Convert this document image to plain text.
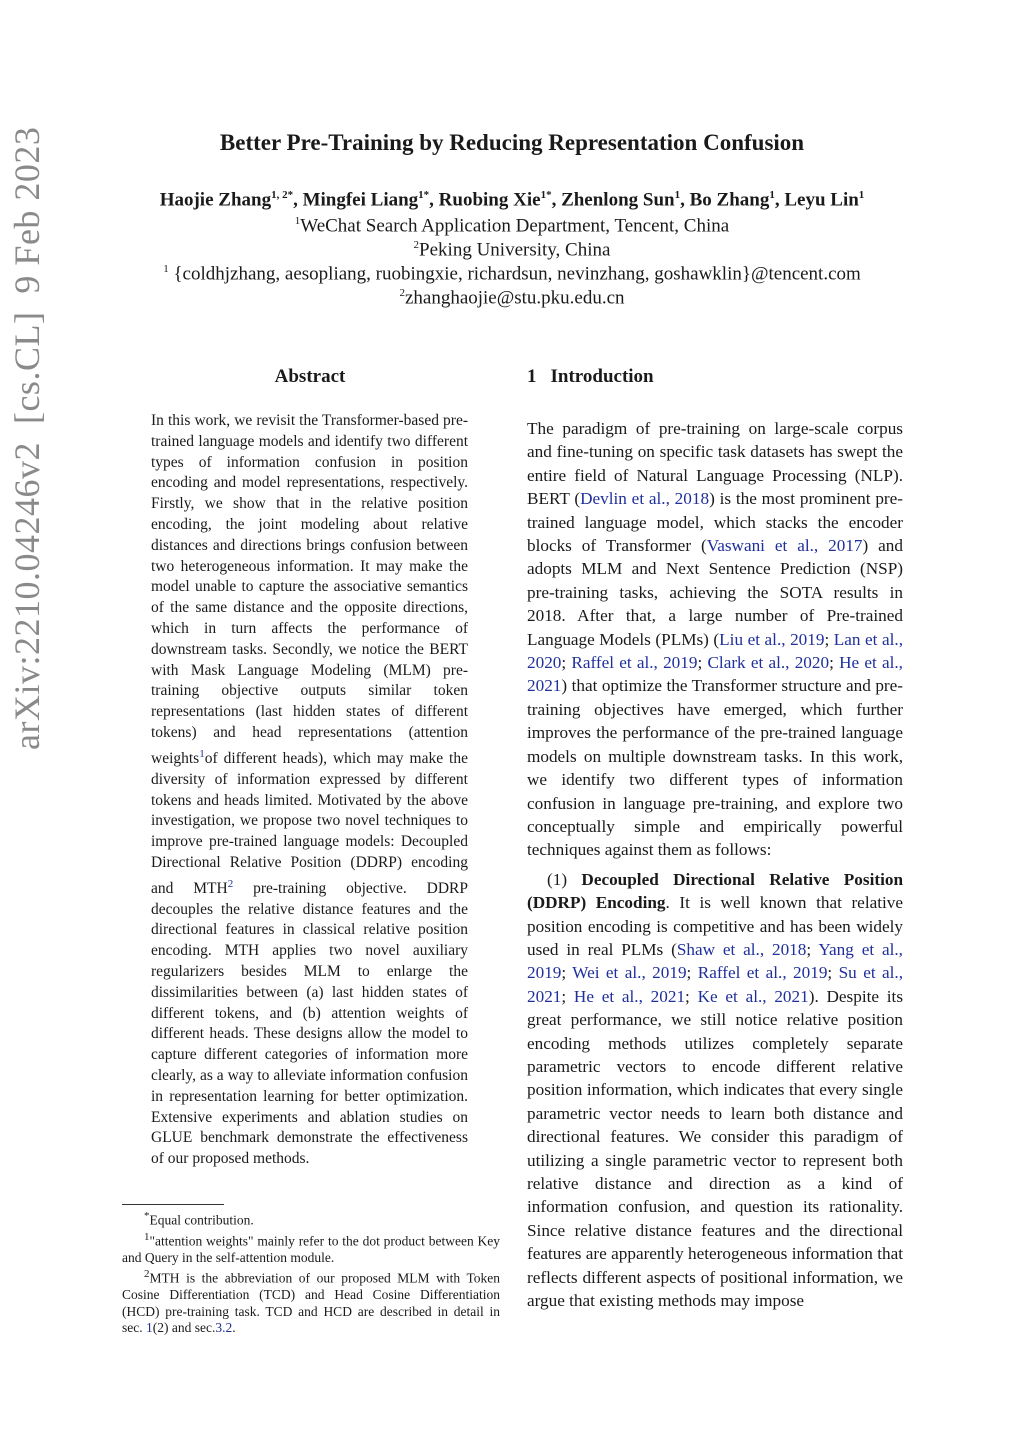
arXiv:2210.04246v2[cs.CL]9 Feb 2023	Better Pre-Training by Reducing Representation Confusion
Haojie Zhang$^{1, 2*}$, Mingfei Liang$^{1*}$, Ruobing Xie$^{1*}$, Zhenlong Sun$^1$, Bo Zhang$^1$, Leyu Lin$^1$
$^1$WeChat Search Application Department, Tencent, China
$^2$Peking University, China
$^1$ {coldhjzhang, aesopliang, ruobingxie, richardsun, nevinzhang, goshawklin}@tencent.com
$^2$zhanghaojie@stu.pku.edu.cn
Abstract
In this work, we revisit the Transformer-based pre-trained language models and identify two different types of information confusion in position encoding and model representations, respectively. Firstly, we show that in the relative position encoding, the joint modeling about relative distances and directions brings confusion between two heterogeneous information. It may make the model unable to capture the associative semantics of the same distance and the opposite directions, which in turn affects the performance of downstream tasks. Secondly, we notice the BERT with Mask Language Modeling (MLM) pre-training objective outputs similar token representations (last hidden states of different tokens) and head representations (attention weights$^1$of different heads), which may make the diversity of information expressed by different tokens and heads limited. Motivated by the above investigation, we propose two novel techniques to improve pre-trained language models: Decoupled Directional Relative Position (DDRP) encoding and MTH$^2$ pre-training objective. DDRP decouples the relative distance features and the directional features in classical relative position encoding. MTH applies two novel auxiliary regularizers besides MLM to enlarge the dissimilarities between (a) last hidden states of different tokens, and (b) attention weights of different heads. These designs allow the model to capture different categories of information more clearly, as a way to alleviate information confusion in representation learning for better optimization. Extensive experiments and ablation studies on GLUE benchmark demonstrate the effectiveness of our proposed methods.

*Equal contribution.

$^1$"attention weights" mainly refer to the dot product between Key and Query in the self-attention module.

$^2$MTH is the abbreviation of our proposed MLM with Token Cosine Differentiation (TCD) and Head Cosine Differentiation (HCD) pre-training task. TCD and HCD are described in detail in sec. 1(2) and sec.3.2.

1 Introduction

The paradigm of pre-training on large-scale corpus and fine-tuning on specific task datasets has swept the entire field of Natural Language Processing (NLP). BERT (Devlin et al., 2018) is the most prominent pre-trained language model, which stacks the encoder blocks of Transformer (Vaswani et al., 2017) and adopts MLM and Next Sentence Prediction (NSP) pre-training tasks, achieving the SOTA results in 2018. After that, a large number of Pre-trained Language Models (PLMs) (Liu et al., 2019; Lan et al., 2020; Raffel et al., 2019; Clark et al., 2020; He et al., 2021) that optimize the Transformer structure and pre-training objectives have emerged, which further improves the performance of the pre-trained language models on multiple downstream tasks. In this work, we identify two different types of information confusion in language pre-training, and explore two conceptually simple and empirically powerful techniques against them as follows:

(1) Decoupled Directional Relative Position (DDRP) Encoding. It is well known that relative position encoding is competitive and has been widely used in real PLMs (Shaw et al., 2018; Yang et al., 2019; Wei et al., 2019; Raffel et al., 2019; Su et al., 2021; He et al., 2021; Ke et al., 2021). Despite its great performance, we still notice relative position encoding methods utilizes completely separate parametric vectors to encode different relative position information, which indicates that every single parametric vector needs to learn both distance and directional features. We consider this paradigm of utilizing a single parametric vector to represent both relative distance and direction as a kind of information confusion, and question its rationality. Since relative distance features and the directional features are apparently heterogeneous information that reflects different aspects of positional information, we argue that existing methods may impose
